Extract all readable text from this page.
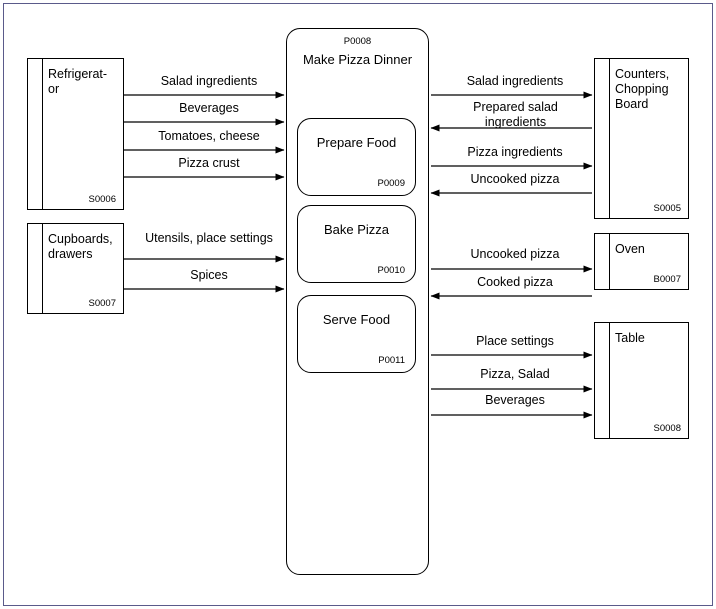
Refrigerat-
or
S0006
Cupboards,
drawers
S0007
Counters,
Chopping
Board
S0005
Oven
B0007
Table
S0008
P0008
Make Pizza Dinner
Prepare Food
P0009
Bake Pizza
P0010
Serve Food
P0011
Salad ingredients
Beverages
Tomatoes, cheese
Pizza crust
Utensils, place settings
Spices
Salad ingredients
Prepared salad ingredients
Pizza ingredients
Uncooked pizza
Uncooked pizza
Cooked pizza
Place settings
Pizza, Salad
Beverages
